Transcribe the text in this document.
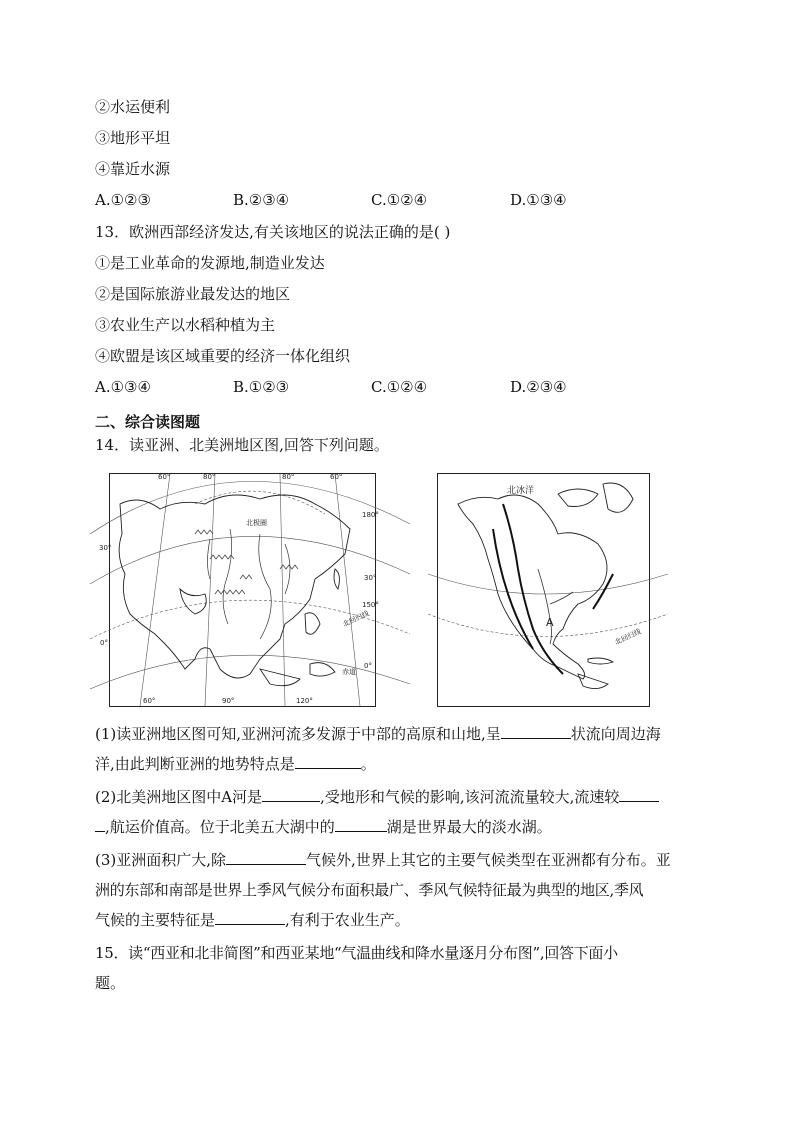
②水运便利
③地形平坦
④靠近水源
A.①②③	B.②③④	C.①②④	D.①③④
13．欧洲西部经济发达,有关该地区的说法正确的是( )
①是工业革命的发源地,制造业发达
②是国际旅游业最发达的地区
③农业生产以水稻种植为主
④欧盟是该区域重要的经济一体化组织
A.①③④	B.①②③	C.①②④	D.②③④
二、综合读图题
14．读亚洲、北美洲地区图,回答下列问题。
60°	80°	80°	60°
北极圈
180°
30°
30°
150°
北回归线
0°
0°
赤道
60°	90°	120°
北冰洋
A
北回归线
(1)读亚洲地区图可知,亚洲河流多发源于中部的高原和山地,呈	状流向周边海
洋,由此判断亚洲的地势特点是	。
(2)北美洲地区图中A河是	,受地形和气候的影响,该河流流量较大,流速较
,航运价值高。位于北美五大湖中的	湖是世界最大的淡水湖。
(3)亚洲面积广大,除	气候外,世界上其它的主要气候类型在亚洲都有分布。亚
洲的东部和南部是世界上季风气候分布面积最广、季风气候特征最为典型的地区,季风
气候的主要特征是	,有利于农业生产。
15．读“西亚和北非简图”和西亚某地“气温曲线和降水量逐月分布图”,回答下面小
题。
